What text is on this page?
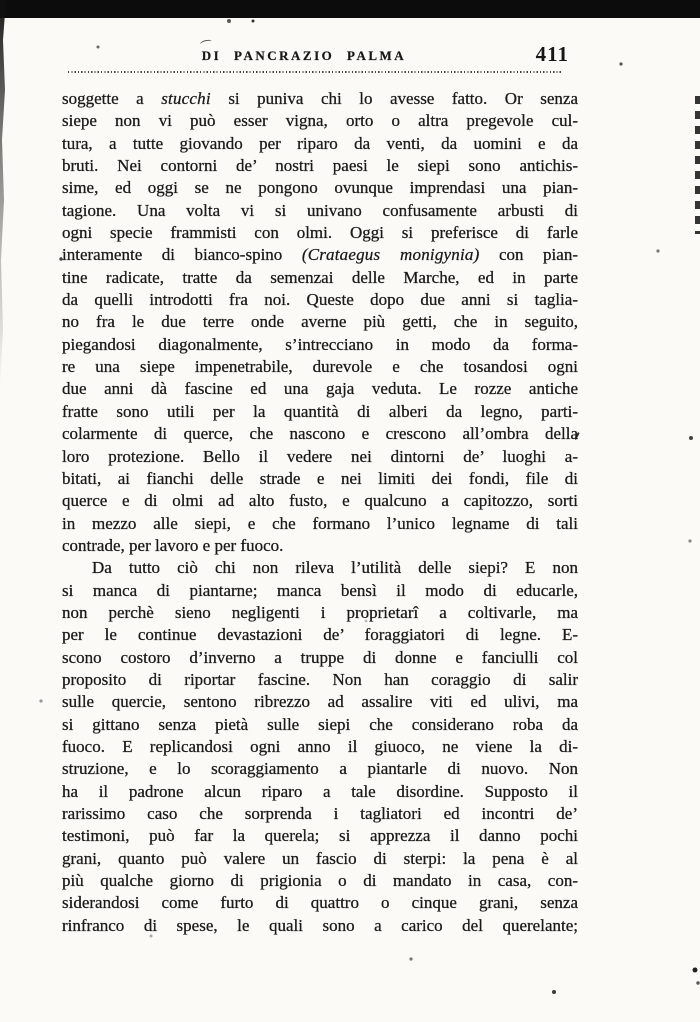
DI PANCRAZIO PALMA	411
soggette a stucchi si puniva chi lo avesse fatto. Or senza
siepe non vi può esser vigna, orto o altra pregevole cul-
tura, a tutte giovando per riparo da venti, da uomini e da
bruti. Nei contorni de’ nostri paesi le siepi sono antichis-
sime, ed oggi se ne pongono ovunque imprendasi una pian-
tagione. Una volta vi si univano confusamente arbusti di
ogni specie frammisti con olmi. Oggi si preferisce di farle
interamente di bianco-spino (Crataegus monigynia) con pian-
tine radicate, tratte da semenzai delle Marche, ed in parte
da quelli introdotti fra noi. Queste dopo due anni si taglia-
no fra le due terre onde averne più getti, che in seguito,
piegandosi diagonalmente, s’intrecciano in modo da forma-
re una siepe impenetrabile, durevole e che tosandosi ogni
due anni dà fascine ed una gaja veduta. Le rozze antiche
fratte sono utili per la quantità di alberi da legno, parti-
colarmente di querce, che nascono e crescono all’ombra della
loro protezione. Bello il vedere nei dintorni de’ luoghi a-
bitati, ai fianchi delle strade e nei limiti dei fondi, file di
querce e di olmi ad alto fusto, e qualcuno a capitozzo, sorti
in mezzo alle siepi, e che formano l’unico legname di tali
contrade, per lavoro e per fuoco.
Da tutto ciò chi non rileva l’utilità delle siepi? E non
si manca di piantarne; manca bensì il modo di educarle,
non perchè sieno negligenti i proprietarî a coltivarle, ma
per le continue devastazioni de’ foraggiatori di legne. E-
scono costoro d’inverno a truppe di donne e fanciulli col
proposito di riportar fascine. Non han coraggio di salir
sulle quercie, sentono ribrezzo ad assalire viti ed ulivi, ma
si gittano senza pietà sulle siepi che considerano roba da
fuoco. E replicandosi ogni anno il giuoco, ne viene la di-
struzione, e lo scoraggiamento a piantarle di nuovo. Non
ha il padrone alcun riparo a tale disordine. Supposto il
rarissimo caso che sorprenda i tagliatori ed incontri de’
testimoni, può far la querela; si apprezza il danno pochi
grani, quanto può valere un fascio di sterpi: la pena è al
più qualche giorno di prigionia o di mandato in casa, con-
siderandosi come furto di quattro o cinque grani, senza
rinfranco di spese, le quali sono a carico del querelante;
